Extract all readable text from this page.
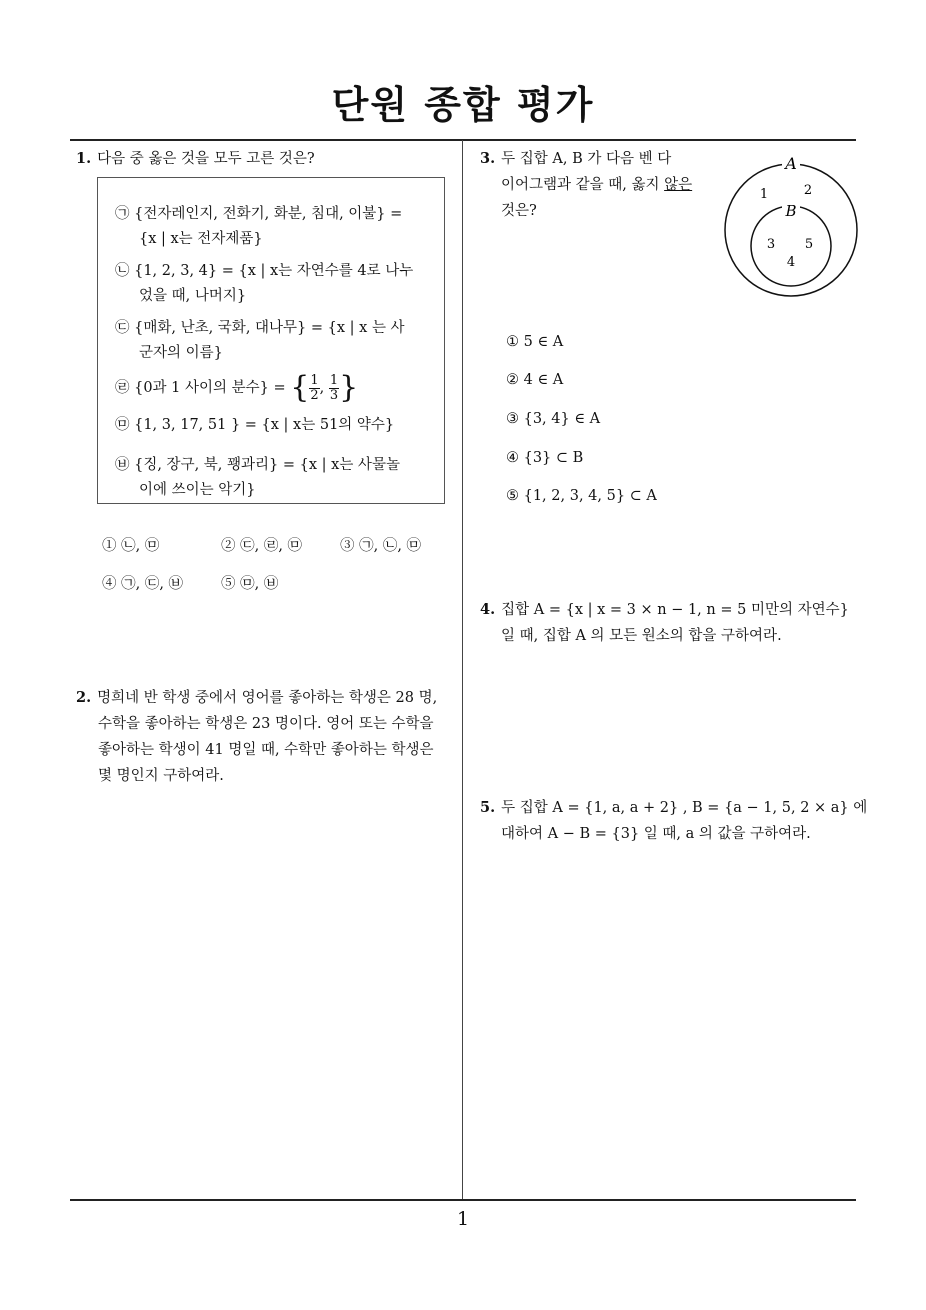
단원 종합 평가
1
1. 다음 중 옳은 것을 모두 고른 것은?
㉠ {전자레인지, 전화기, 화분, 침대, 이불} =
{x | x는 전자제품}
㉡ {1, 2, 3, 4} = {x | x는 자연수를 4로 나누
었을 때, 나머지}
㉢ {매화, 난초, 국화, 대나무} = {x | x 는 사
군자의 이름}
㉣ {0과 1 사이의 분수} = { $\frac{1}{2}$ , $\frac{1}{3}$ }
㉤ {1, 3, 17, 51 } = {x | x는 51의 약수}
㉥ {징, 장구, 북, 꽹과리} = {x | x는 사물놀
이에 쓰이는 악기}
① ㉡, ㉤	② ㉢, ㉣, ㉤	③ ㉠, ㉡, ㉤
④ ㉠, ㉢, ㉥	⑤ ㉤, ㉥
2. 명희네 반 학생 중에서 영어를 좋아하는 학생은 28 명,
수학을 좋아하는 학생은 23 명이다. 영어 또는 수학을
좋아하는 학생이 41 명일 때, 수학만 좋아하는 학생은
몇 명인지 구하여라.
3. 두 집합 A, B 가 다음 벤 다
이어그램과 같을 때, 옳지 않은
것은?
A
B
1	2
3 5
4
① 5 ∈ A
② 4 ∈ A
③ {3, 4} ∈ A
④ {3} ⊂ B
⑤ {1, 2, 3, 4, 5} ⊂ A
4. 집합 A = {x | x = 3 × n − 1, n = 5 미만의 자연수}
일 때, 집합 A 의 모든 원소의 합을 구하여라.
5. 두 집합 A = {1, a, a + 2} , B = {a − 1, 5, 2 × a} 에
대하여 A − B = {3} 일 때, a 의 값을 구하여라.
